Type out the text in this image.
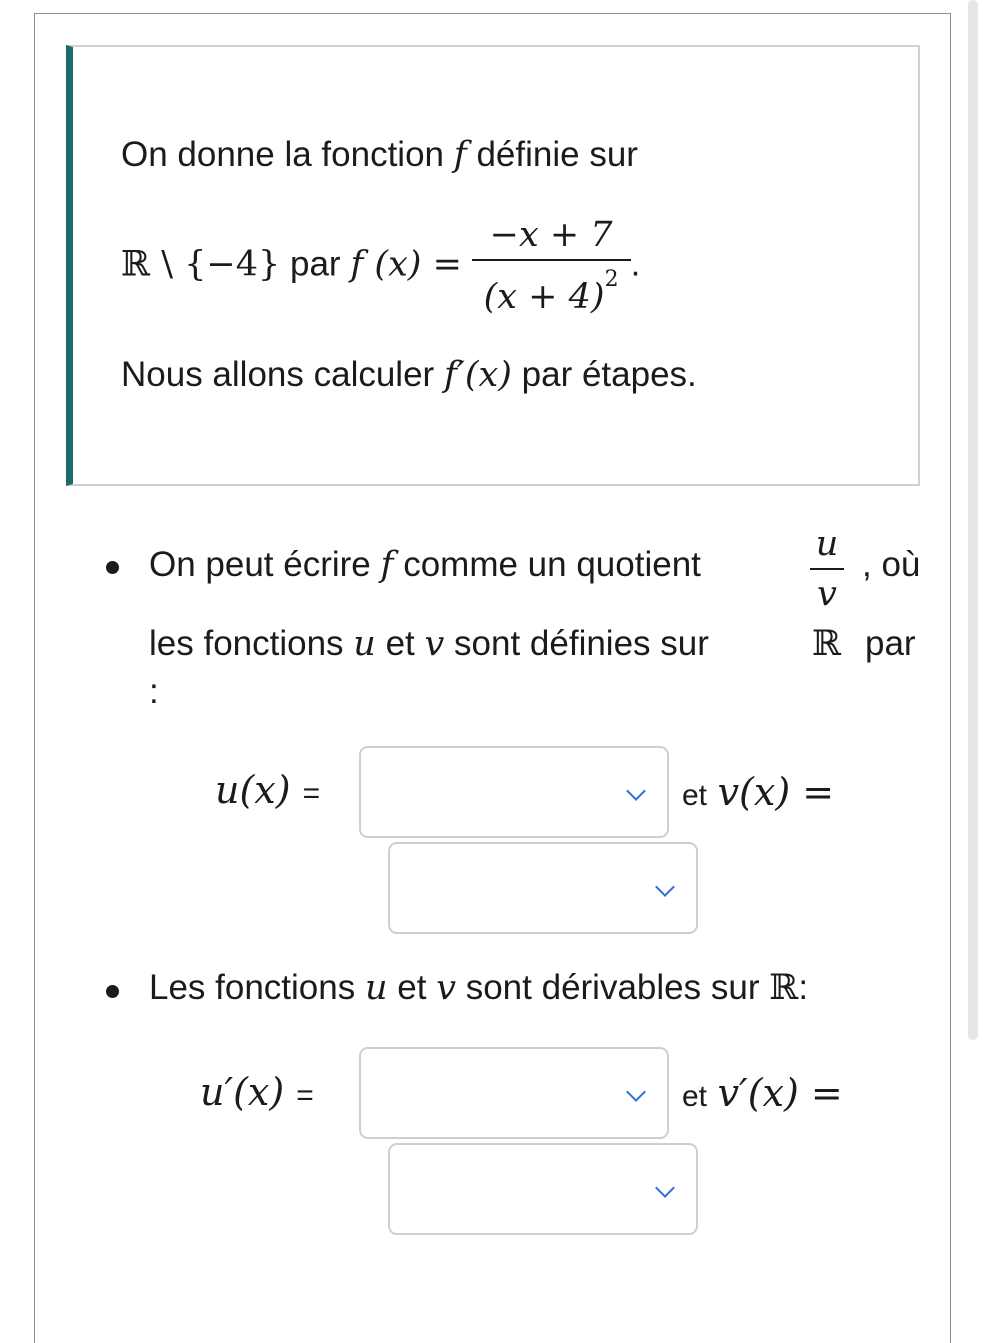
On donne la fonction f définie sur
ℝ \ {−4} par f $(x) = \frac{-x + 7}{(x + 4)^2}$ .
Nous allons calculer f′(x) par étapes.
On peut écrire f comme un quotient
u
v
, où
les fonctions u et v sont définies sur	ℝ par
:
u(x) =	et v(x) =
Les fonctions u et v sont dérivables sur ℝ:
u′(x) =	et v′(x) =
